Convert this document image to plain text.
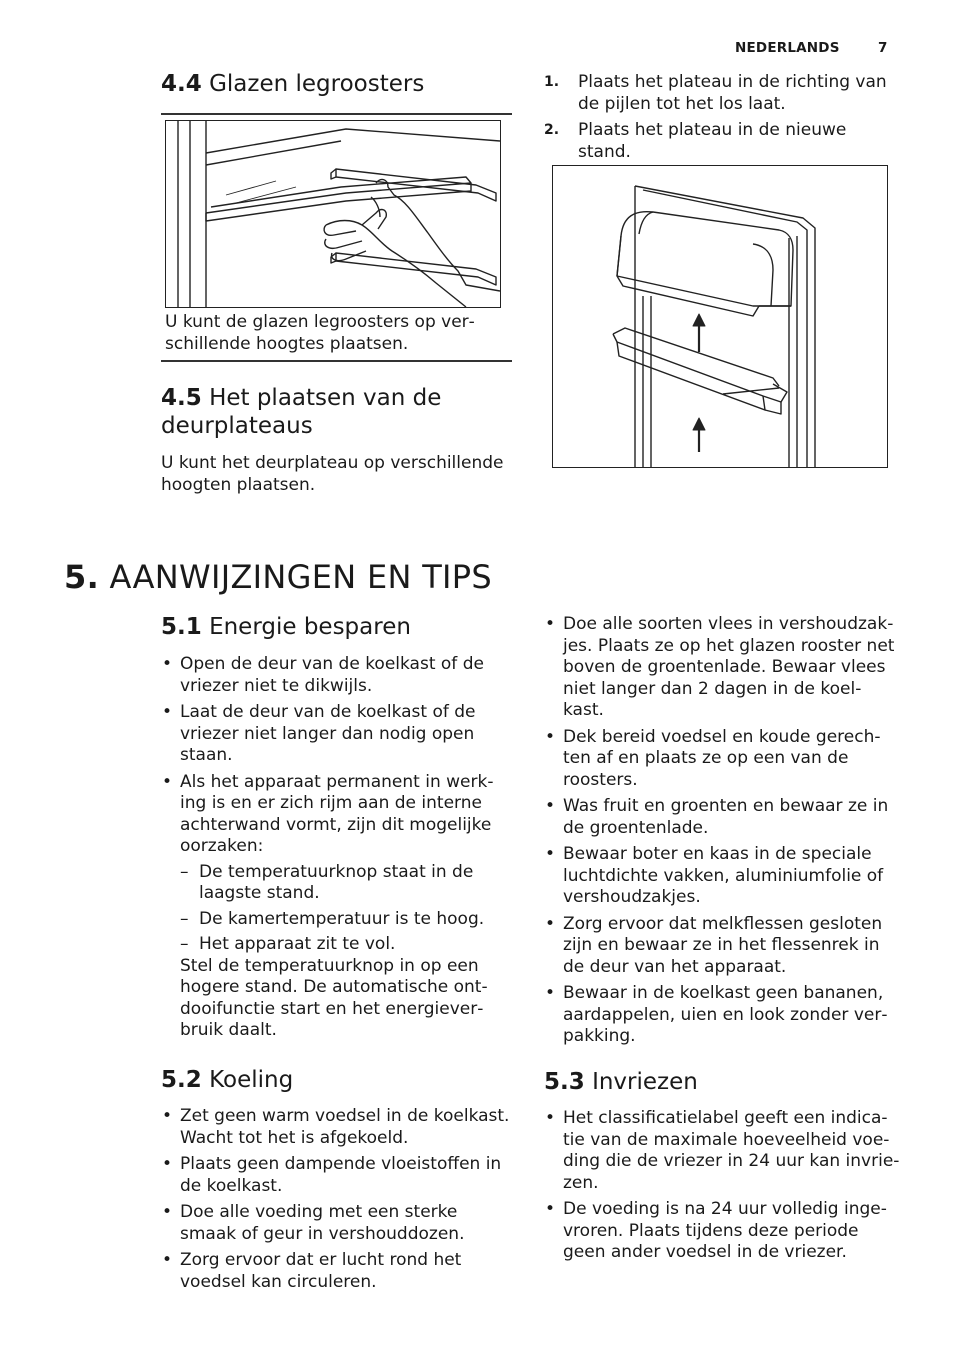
NEDERLANDS	7
4.4 Glazen legroosters

U kunt de glazen legroosters op verschillende hoogtes plaatsen.

4.5 Het plaatsen van de deurplateaus

U kunt het deurplateau op verschillende hoogten plaatsen.

1. Plaats het plateau in de richting van de pijlen tot het los laat.
2. Plaats het plateau in de nieuwe stand.
5. AANWIJZINGEN EN TIPS
5.1 Energie besparen
• Open de deur van de koelkast of de vriezer niet te dikwijls.
• Laat de deur van de koelkast of de vriezer niet langer dan nodig open staan.
• Als het apparaat permanent in werking is en er zich rijm aan de interne achterwand vormt, zijn dit mogelijke oorzaken:
– De temperatuurknop staat in de laagste stand.
– De kamertemperatuur is te hoog.
– Het apparaat zit te vol.
Stel de temperatuurknop in op een hogere stand. De automatische ontdooifunctie start en het energieverbruik daalt.
5.2 Koeling
• Zet geen warm voedsel in de koelkast. Wacht tot het is afgekoeld.
• Plaats geen dampende vloeistoffen in de koelkast.
• Doe alle voeding met een sterke smaak of geur in vershouddozen.
• Zorg ervoor dat er lucht rond het voedsel kan circuleren.
• Doe alle soorten vlees in vershoudzakjes. Plaats ze op het glazen rooster net boven de groentenlade. Bewaar vlees niet langer dan 2 dagen in de koelkast.
• Dek bereid voedsel en koude gerechten af en plaats ze op een van de roosters.
• Was fruit en groenten en bewaar ze in de groentenlade.
• Bewaar boter en kaas in de speciale luchtdichte vakken, aluminiumfolie of vershoudzakjes.
• Zorg ervoor dat melkflessen gesloten zijn en bewaar ze in het flessenrek in de deur van het apparaat.
• Bewaar in de koelkast geen bananen, aardappelen, uien en look zonder verpakking.
5.3 Invriezen
• Het classificatielabel geeft een indicatie van de maximale hoeveelheid voeding die de vriezer in 24 uur kan invriezen.
• De voeding is na 24 uur volledig ingevroren. Plaats tijdens deze periode geen ander voedsel in de vriezer.
